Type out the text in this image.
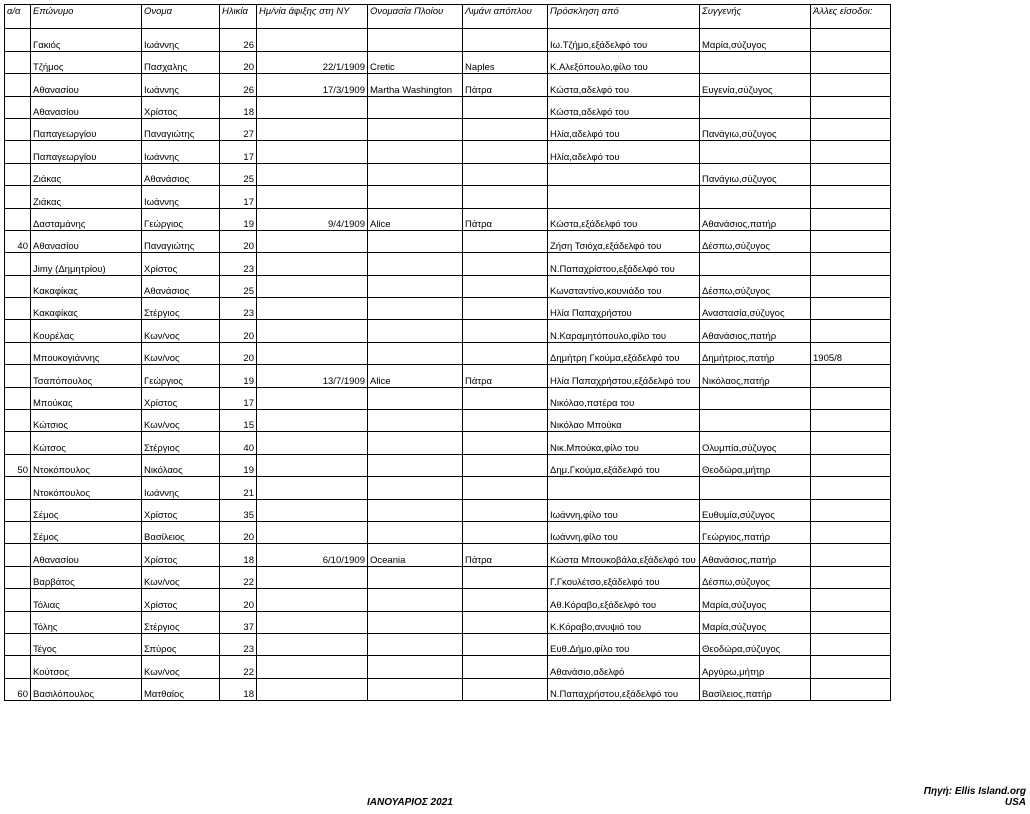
α/α	Επώνυμο	Ονομα	Ηλικία	Ημ/νία άφιξης στη ΝΥ	Ονομασία Πλοίου	Λιμάνι απόπλου	Πρόσκληση από	Συγγενής	Άλλες είσοδοι:
	Γακιός	Ιωάννης	26				Ιω.Τζήμο,εξάδελφό του	Μαρία,σύζυγος	
	Τζήμος	Πασχαλης	20	22/1/1909	Cretic	Naples	Κ.Αλεξόπουλο,φίλο του		
	Αθανασίου	Ιωάννης	26	17/3/1909	Martha Washington	Πάτρα	Κώστα,αδελφό του	Ευγενία,σύζυγος	
	Αθανασίου	Χρίστος	18				Κώστα,αδελφό του		
	Παπαγεωργίου	Παναγιώτης	27				Ηλία,αδελφό του	Πανάγιω,σύζυγος	
	Παπαγεωργίου	Ιωάννης	17				Ηλία,αδελφό του		
	Ζιάκας	Αθανάσιος	25					Πανάγιω,σύζυγος	
	Ζιάκας	Ιωάννης	17						
	Δασταμάνης	Γεώργιος	19	9/4/1909	Alice	Πάτρα	Κώστα,εξάδελφό του	Αθανάσιος,πατήρ	
40	Αθανασίου	Παναγιώτης	20				Ζήση Τσιόχα,εξάδελφό του	Δέσπω,σύζυγος	
	Jimy (Δημητρίου)	Χρίστος	23				Ν.Παπαχρίστου,εξάδελφό του		
	Κακαφίκας	Αθανάσιος	25				Κωνσταντίνο,κουνιάδο του	Δέσπω,σύζυγος	
	Κακαφίκας	Στέργιος	23				Ηλία Παπαχρήστου	Αναστασία,σύζυγος	
	Κουρέλας	Κων/νος	20				Ν.Καραμητόπουλο,φίλο του	Αθανάσιος,πατήρ	
	Μπουκογιάννης	Κων/νος	20				Δημήτρη Γκούμα,εξάδελφό του	Δημήτριος,πατήρ	1905/8
	Τσαπόπουλος	Γεώργιος	19	13/7/1909	Alice	Πάτρα	Ηλία Παπαχρήστου,εξάδελφό του	Νικόλαος,πατήρ	
	Μπούκας	Χρίστος	17				Νικόλαο,πατέρα του		
	Κώτσιος	Κων/νος	15				Νικόλαο Μπούκα		
	Κώτσος	Στέργιος	40				Νικ.Μπούκα,φίλο του	Ολυμπία,σύζυγος	
50	Ντοκόπουλος	Νικόλαος	19				Δημ.Γκούμα,εξάδελφό του	Θεοδώρα,μήτηρ	
	Ντοκόπουλος	Ιωάννης	21						
	Σέμος	Χρίστος	35				Ιωάννη,φίλο του	Ευθυμία,σύζυγος	
	Σέμος	Βασίλειος	20				Ιωάννη,φίλο του	Γεώργιος,πατήρ	
	Αθανασίου	Χρίστος	18	6/10/1909	Oceania	Πάτρα	Κώστα Μπουκοβάλα,εξάδελφό του	Αθανάσιος,πατήρ	
	Βαρβάτος	Κων/νος	22				Γ.Γκουλέτσο,εξάδελφό του	Δέσπω,σύζυγος	
	Τόλιας	Χρίστος	20				Αθ.Κόραβο,εξάδελφό του	Μαρία,σύζυγος	
	Τόλης	Στέργιος	37				Κ.Κόραβο,ανυψιό του	Μαρία,σύζυγος	
	Τέγος	Σπύρος	23				Ευθ.Δήμο,φίλο του	Θεοδώρα,σύζυγος	
	Κούτσος	Κων/νος	22				Αθανάσιο,αδελφό	Αργύρω,μήτηρ	
60	Βασιλόπουλος	Ματθαίος	18				Ν.Παπαχρήστου,εξάδελφό του	Βασίλειος,πατήρ	
ΙΑΝΟΥΑΡΙΟΣ 2021
Πηγή: Ellis Island.org
USA
